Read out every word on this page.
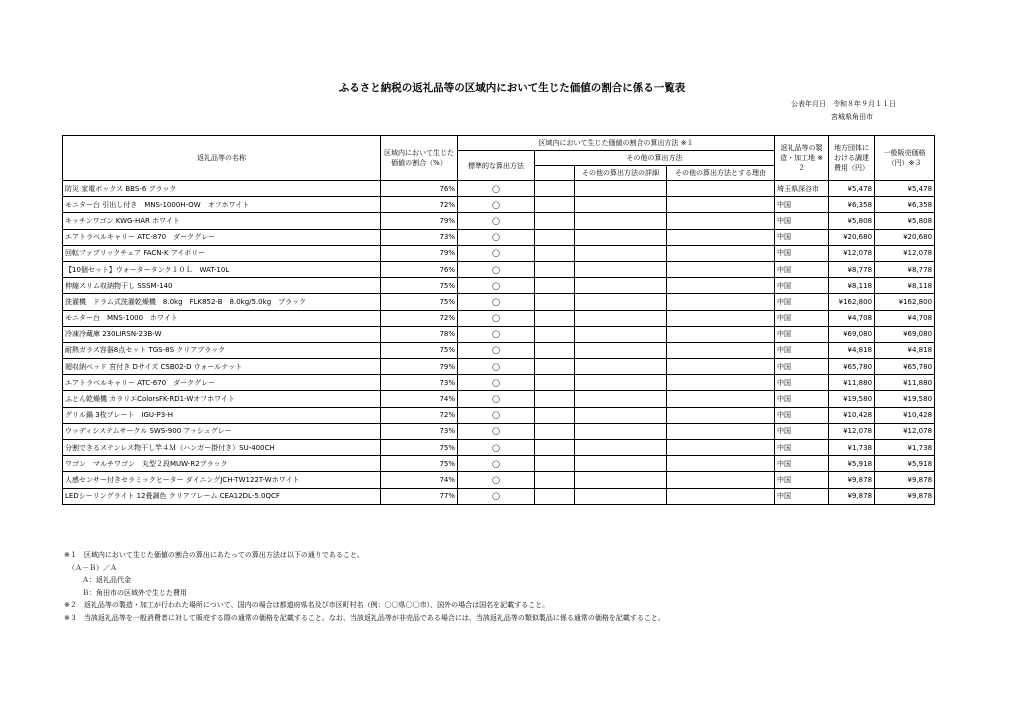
ふるさと納税の返礼品等の区域内において生じた価値の割合に係る一覧表
公表年月日　令和８年９月１１日
宮城県角田市
返礼品等の名称	区域内において生じた価値の割合（%）	区域内において生じた価値の割合の算出方法 ※１				返礼品等の製造・加工地 ※２	地方団体における調達費用（円）	一般販売価格（円）※３
		標準的な算出方法	その他の算出方法					
				その他の算出方法の詳細	その他の算出方法とする理由			
防災 家電ボックス BBS-6 ブラック	76%	◯				埼玉県深谷市	¥5,478	¥5,478
モニター台 引出し付き　MNS-1000H-OW　オフホワイト	72%	◯				中国	¥6,358	¥6,358
キッチンワゴン KWG-HAR ホワイト	79%	◯				中国	¥5,808	¥5,808
エアトラベルキャリー ATC-870　ダークグレー	73%	◯				中国	¥20,680	¥20,680
回転ファブリックチェア FACN-K アイボリー	79%	◯				中国	¥12,078	¥12,078
【10個セット】ウォータータンク１０Ｌ　WAT-10L	76%	◯				中国	¥8,778	¥8,778
伸縮スリム収納物干し SSSM-140	75%	◯				中国	¥8,118	¥8,118
洗濯機　ドラム式洗濯乾燥機　8.0kg　FLK852-B　8.0kg/5.0kg　ブラック	75%	◯				中国	¥162,800	¥162,800
モニター台　MNS-1000　ホワイト	72%	◯				中国	¥4,708	¥4,708
冷凍冷蔵庫 230LIRSN-23B-W	78%	◯				中国	¥69,080	¥69,080
耐熱ガラス容器8点セット TGS-8S クリアブラック	75%	◯				中国	¥4,818	¥4,818
超収納ベッド 宮付き Dサイズ CSB02-D ウォールナット	79%	◯				中国	¥65,780	¥65,780
エアトラベルキャリー ATC-670　ダークグレー	73%	◯				中国	¥11,880	¥11,880
ふとん乾燥機 カラリエColorsFK-RD1-Wオフホワイト	74%	◯				中国	¥19,580	¥19,580
グリル鍋 3枚プレート　IGU-P3-H	72%	◯				中国	¥10,428	¥10,428
ウッディシステムサークル SWS-900 アッシュグレー	73%	◯				中国	¥12,078	¥12,078
分割できるステンレス物干し竿４Ｍ（ハンガー掛付き）SU-400CH	75%	◯				中国	¥1,738	¥1,738
ワゴン　マルチワゴン　丸型２段MUW-R2ブラック	75%	◯				中国	¥5,918	¥5,918
人感センサー付きセラミックヒーター ダイニングJCH-TW122T-Wホワイト	74%	◯				中国	¥9,878	¥9,878
LEDシーリングライト 12畳調色 クリアフレーム CEA12DL-5.0QCF	77%	◯				中国	¥9,878	¥9,878
※１　区域内において生じた価値の割合の算出にあたっての算出方法は以下の通りであること。
（Ａ－Ｂ）／Ａ
Ａ：返礼品代金
Ｂ：角田市の区域外で生じた費用
※２　返礼品等の製造・加工が行われた場所について、国内の場合は都道府県名及び市区町村名（例：〇〇県〇〇市）、国外の場合は国名を記載すること。
※３　当該返礼品等を一般消費者に対して販売する際の通常の価格を記載すること。なお、当該返礼品等が非売品である場合には、当該返礼品等の類似製品に係る通常の価格を記載すること。
